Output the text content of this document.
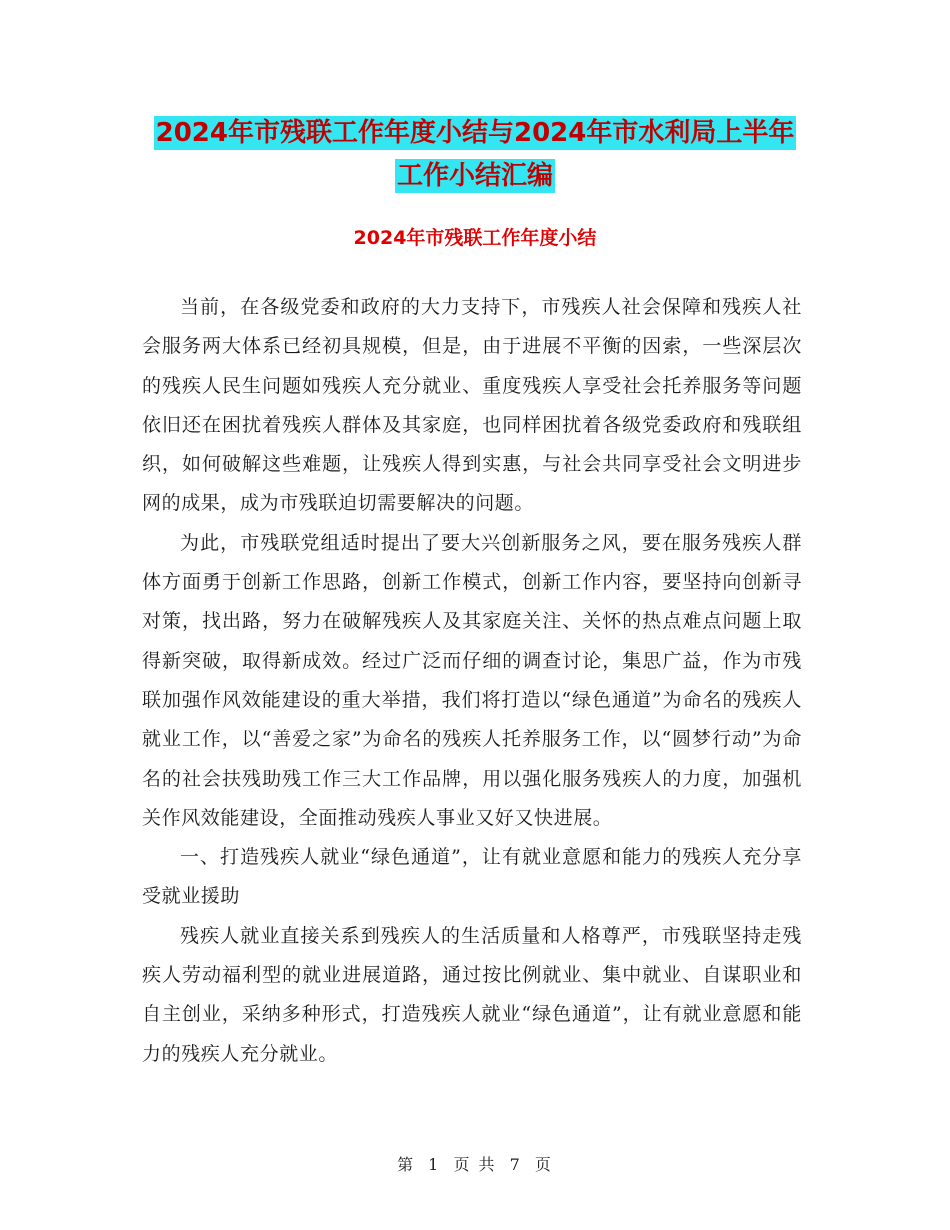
2024年市残联工作年度小结与2024年市水利局上半年
工作小结汇编
2024年市残联工作年度小结

当前，在各级党委和政府的大力支持下，市残疾人社会保障和残疾人社会服务两大体系已经初具规模，但是，由于进展不平衡的因索，一些深层次的残疾人民生问题如残疾人充分就业、重度残疾人享受社会托养服务等问题依旧还在困扰着残疾人群体及其家庭，也同样困扰着各级党委政府和残联组织，如何破解这些难题，让残疾人得到实惠，与社会共同享受社会文明进步网的成果，成为市残联迫切需要解决的问题。

为此，市残联党组适时提出了要大兴创新服务之风，要在服务残疾人群体方面勇于创新工作思路，创新工作模式，创新工作内容，要坚持向创新寻对策，找出路，努力在破解残疾人及其家庭关注、关怀的热点难点问题上取得新突破，取得新成效。经过广泛而仔细的调查讨论，集思广益，作为市残联加强作风效能建设的重大举措，我们将打造以“绿色通道”为命名的残疾人就业工作，以“善爱之家”为命名的残疾人托养服务工作，以“圆梦行动”为命名的社会扶残助残工作三大工作品牌，用以强化服务残疾人的力度，加强机关作风效能建设，全面推动残疾人事业又好又快进展。

一、打造残疾人就业“绿色通道”，让有就业意愿和能力的残疾人充分享受就业援助

残疾人就业直接关系到残疾人的生活质量和人格尊严，市残联坚持走残疾人劳动福利型的就业进展道路，通过按比例就业、集中就业、自谋职业和自主创业，采纳多种形式，打造残疾人就业“绿色通道”，让有就业意愿和能力的残疾人充分就业。

第 1 页 共 7 页
